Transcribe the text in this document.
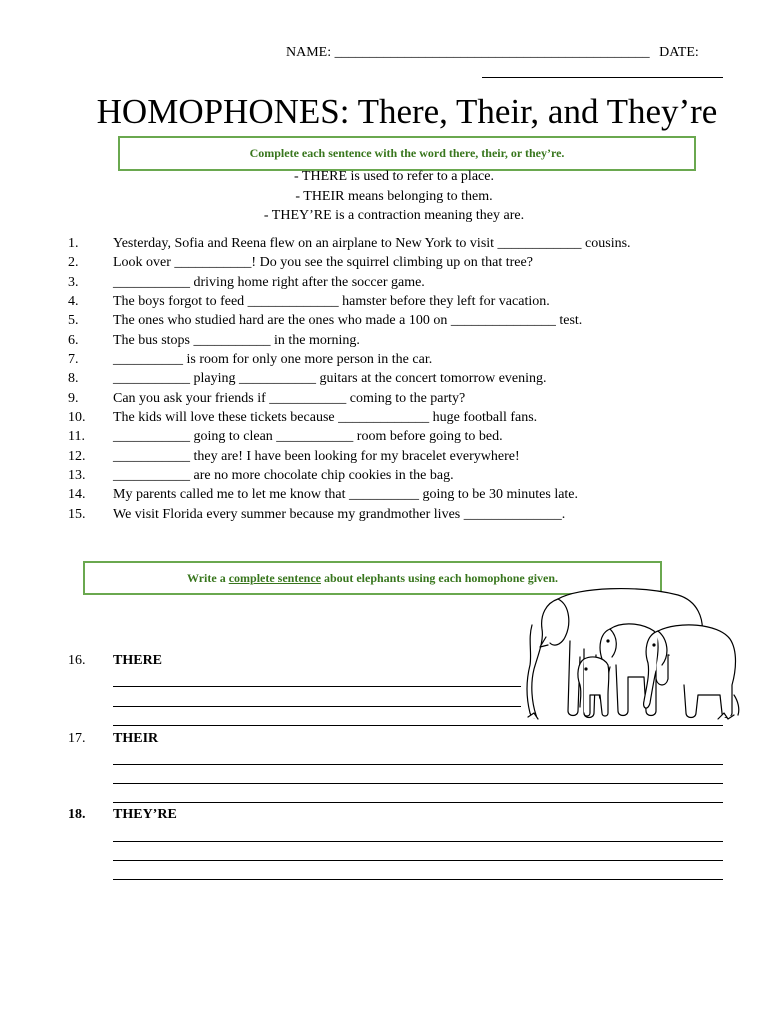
NAME: _____________________________________________ DATE:
HOMOPHONES: There, Their, and They’re
Complete each sentence with the word there, their, or they’re.
- THERE is used to refer to a place.
- THEIR means belonging to them.
- THEY’RE is a contraction meaning they are.
1.	Yesterday, Sofia and Reena flew on an airplane to New York to visit ____________ cousins.
2.	Look over ___________! Do you see the squirrel climbing up on that tree?
3.	___________ driving home right after the soccer game.
4.	The boys forgot to feed _____________ hamster before they left for vacation.
5.	The ones who studied hard are the ones who made a 100 on _______________ test.
6.	The bus stops ___________ in the morning.
7.	__________ is room for only one more person in the car.
8.	___________ playing ___________ guitars at the concert tomorrow evening.
9.	Can you ask your friends if ___________ coming to the party?
10.	The kids will love these tickets because _____________ huge football fans.
11.	___________ going to clean ___________ room before going to bed.
12.	___________ they are! I have been looking for my bracelet everywhere!
13.	___________ are no more chocolate chip cookies in the bag.
14.	My parents called me to let me know that __________ going to be 30 minutes late.
15.	We visit Florida every summer because my grandmother lives ______________.
Write a complete sentence about elephants using each homophone given.
16.	THERE
17.	THEIR
18.	THEY’RE
